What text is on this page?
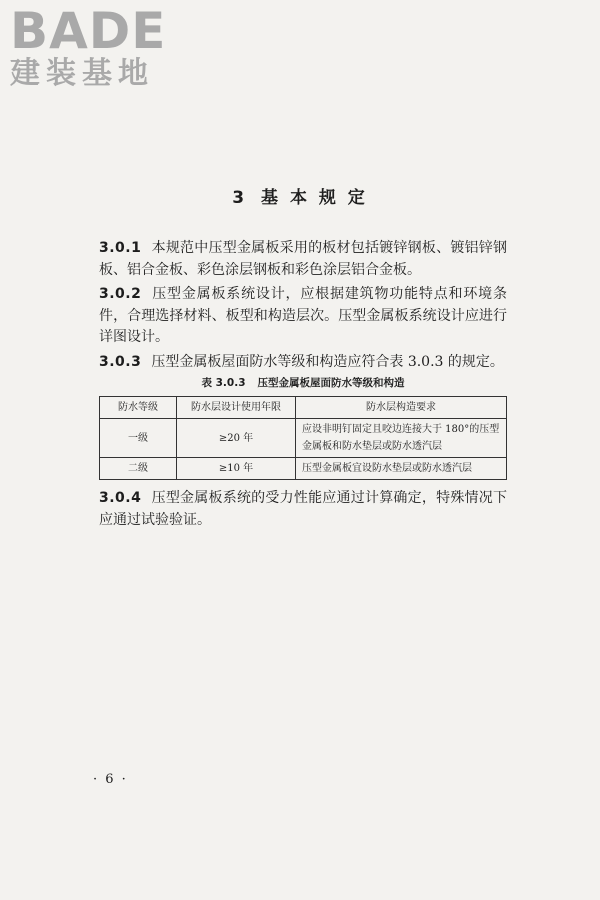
BADE
建装基地
3 基 本 规 定

3.0.1 本规范中压型金属板采用的板材包括镀锌钢板、镀铝锌钢板、铝合金板、彩色涂层钢板和彩色涂层铝合金板。

3.0.2 压型金属板系统设计，应根据建筑物功能特点和环境条件，合理选择材料、板型和构造层次。压型金属板系统设计应进行详图设计。

3.0.3 压型金属板屋面防水等级和构造应符合表 3.0.3 的规定。

表 3.0.3 压型金属板屋面防水等级和构造
防水等级	防水层设计使用年限	防水层构造要求
一级	≥20 年	应设非明钉固定且咬边连接大于 180°的压型金属板和防水垫层或防水透汽层
二级	≥10 年	压型金属板宜设防水垫层或防水透汽层

3.0.4 压型金属板系统的受力性能应通过计算确定，特殊情况下应通过试验验证。

· 6 ·
